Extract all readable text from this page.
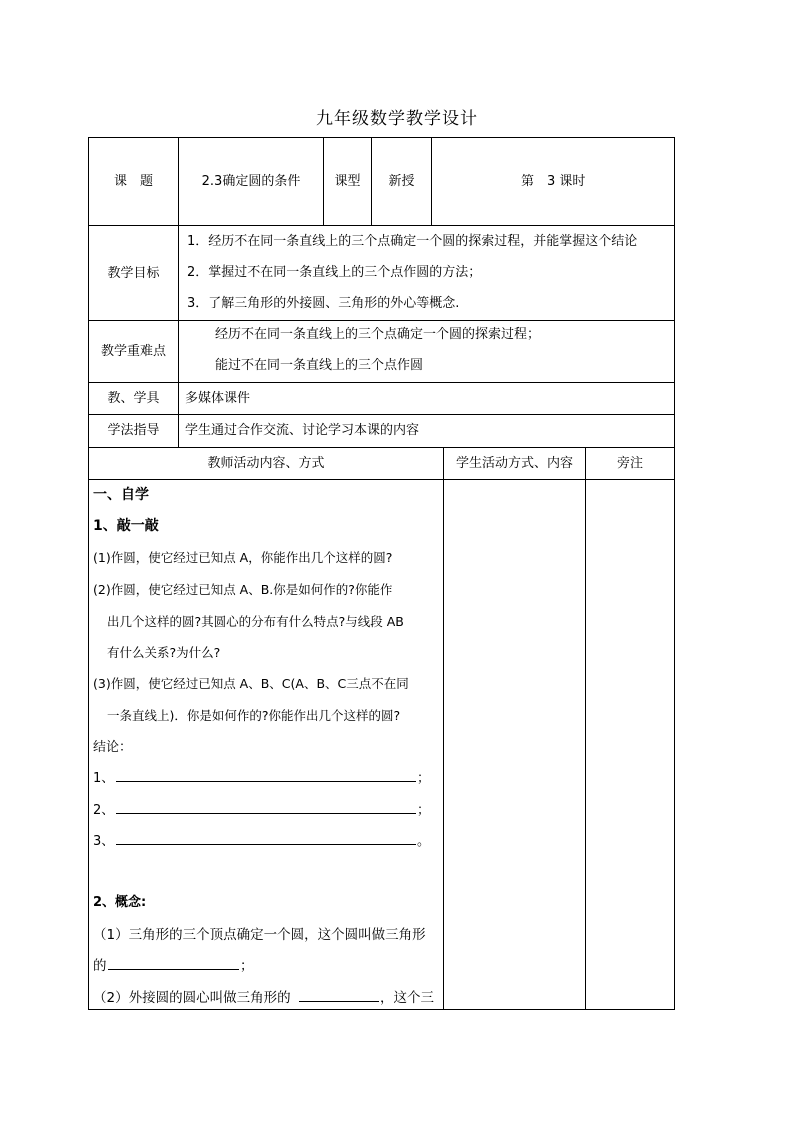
九年级数学教学设计
课　题	2.3确定圆的条件	课型	新授	第　3 课时
教学目标
1．经历不在同一条直线上的三个点确定一个圆的探索过程，并能掌握这个结论
2．掌握过不在同一条直线上的三个点作圆的方法；
3．了解三角形的外接圆、三角形的外心等概念.
教学重难点
经历不在同一条直线上的三个点确定一个圆的探索过程；
能过不在同一条直线上的三个点作圆
教、学具	多媒体课件
学法指导	学生通过合作交流、讨论学习本课的内容
教师活动内容、方式	学生活动方式、内容	旁注
一、自学
1、敲一敲
(1)作圆，使它经过已知点 A，你能作出几个这样的圆?
(2)作圆，使它经过已知点 A、B.你是如何作的?你能作
出几个这样的圆?其圆心的分布有什么特点?与线段 AB
有什么关系?为什么?
(3)作圆，使它经过已知点 A、B、C(A、B、C三点不在同
一条直线上)．你是如何作的?你能作出几个这样的圆?
结论：
1、	；
2、	；
3、	。
2、概念:
（1）三角形的三个顶点确定一个圆，这个圆叫做三角形
的	；
（2）外接圆的圆心叫做三角形的	，这个三
